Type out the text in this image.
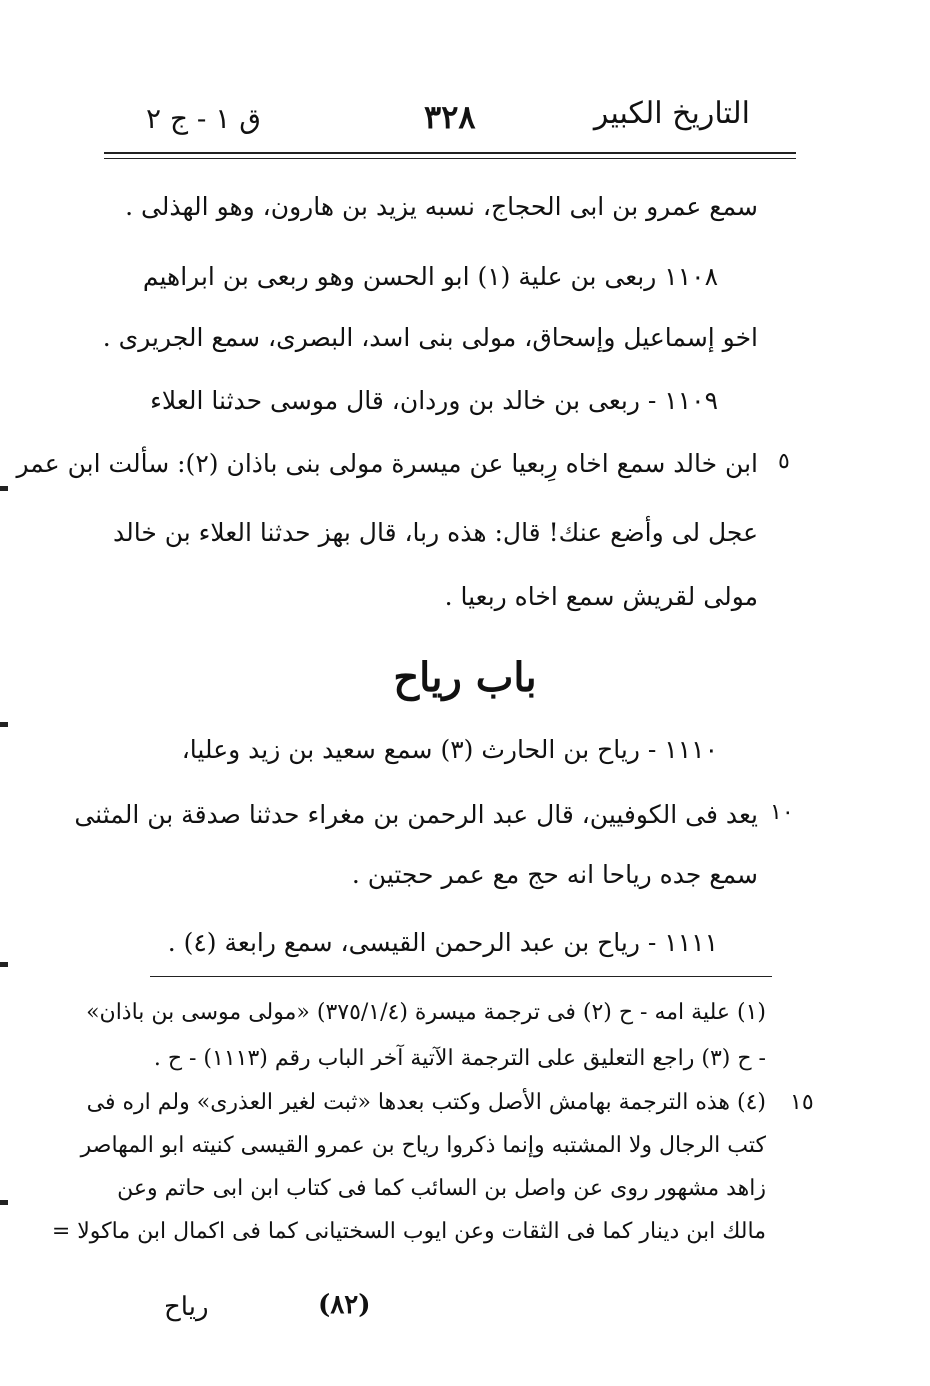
التاريخ الكبير
٣٢٨
ق ١ - ج ٢
سمع عمرو بن ابى الحجاج، نسبه يزيد بن هارون، وهو الهذلى .
١١٠٨ ربعى بن علية (١) ابو الحسن وهو ربعى بن ابراهيم
اخو إسماعيل وإسحاق، مولى بنى اسد، البصرى، سمع الجريرى .
١١٠٩ - ربعى بن خالد بن وردان، قال موسى حدثنا العلاء
ابن خالد سمع اخاه رِبعيا عن ميسرة مولى بنى باذان (٢): سألت ابن عمر ٥
عجل لى وأضع عنك! قال: هذه ربا، قال بهز حدثنا العلاء بن خالد
مولى لقريش سمع اخاه ربعيا .
باب رياح
١١١٠ - رياح بن الحارث (٣) سمع سعيد بن زيد وعليا،
يعد فى الكوفيين، قال عبد الرحمن بن مغراء حدثنا صدقة بن المثنى ١٠
سمع جده رياحا انه حج مع عمر حجتين .
١١١١ - رياح بن عبد الرحمن القيسى، سمع رابعة (٤) .
(١) علية امه - ح (٢) فى ترجمة ميسرة (٣٧٥/١/٤) «مولى موسى بن باذان»
- ح (٣) راجع التعليق على الترجمة الآتية آخر الباب رقم (١١١٣) - ح .
(٤) هذه الترجمة بهامش الأصل وكتب بعدها «ثبت لغير العذرى» ولم اره فى ١٥
كتب الرجال ولا المشتبه وإنما ذكروا رياح بن عمرو القيسى كنيته ابو المهاصر
زاهد مشهور روى عن واصل بن السائب كما فى كتاب ابن ابى حاتم وعن
مالك ابن دينار كما فى الثقات وعن ايوب السختيانى كما فى اكمال ابن ماكولا =
(٨٢)
رياح
